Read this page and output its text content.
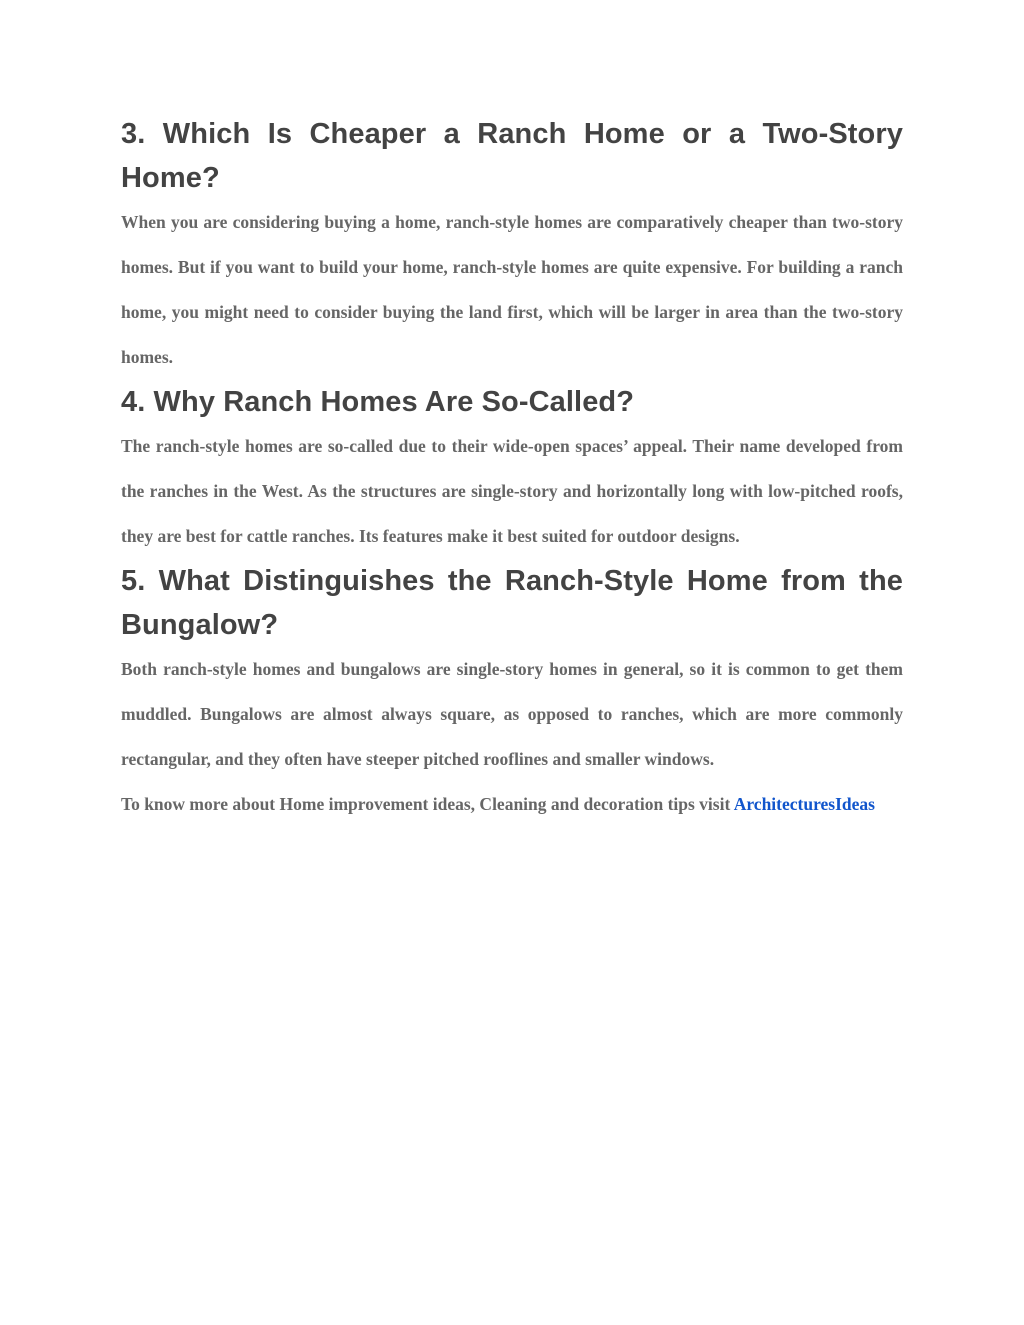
3. Which Is Cheaper a Ranch Home or a Two-Story Home?

When you are considering buying a home, ranch-style homes are comparatively cheaper than two-story homes. But if you want to build your home, ranch-style homes are quite expensive. For building a ranch home, you might need to consider buying the land first, which will be larger in area than the two-story homes.

4. Why Ranch Homes Are So-Called?

The ranch-style homes are so-called due to their wide-open spaces’ appeal. Their name developed from the ranches in the West. As the structures are single-story and horizontally long with low-pitched roofs, they are best for cattle ranches. Its features make it best suited for outdoor designs.

5. What Distinguishes the Ranch-Style Home from the Bungalow?

Both ranch-style homes and bungalows are single-story homes in general, so it is common to get them muddled. Bungalows are almost always square, as opposed to ranches, which are more commonly rectangular, and they often have steeper pitched rooflines and smaller windows.

To know more about Home improvement ideas, Cleaning and decoration tips visit ArchitecturesIdeas
